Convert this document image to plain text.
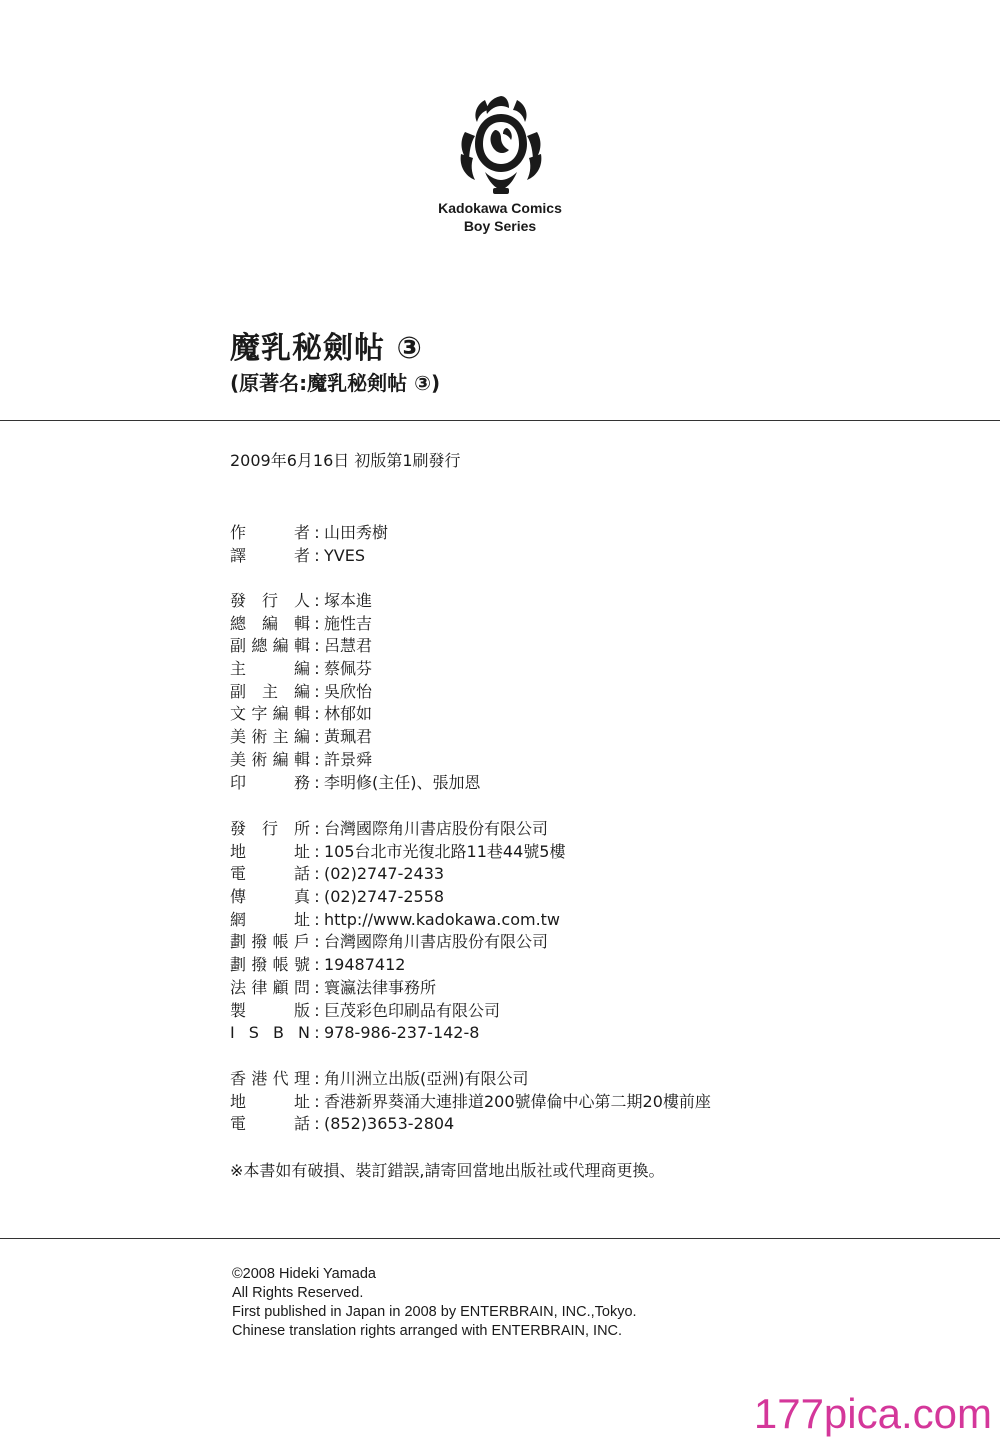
Kadokawa Comics
Boy Series
魔乳秘劍帖 ③
(原著名:魔乳秘剣帖 ③)
2009年6月16日 初版第1刷發行
作	者 : 山田秀樹
譯	者 : YVES
發 行 人 : 塚本進
總 編 輯 : 施性吉
副 總 編 輯 : 呂慧君
主	編 : 蔡佩芬
副 主 編 : 吳欣怡
文 字 編 輯 : 林郁如
美 術 主 編 : 黃珮君
美 術 編 輯 : 許景舜
印	務 : 李明修(主任)、張加恩
發 行 所 : 台灣國際角川書店股份有限公司
地	址 : 105台北市光復北路11巷44號5樓
電	話 : (02)2747-2433
傳	真 : (02)2747-2558
網	址 : http://www.kadokawa.com.tw
劃 撥 帳 戶 : 台灣國際角川書店股份有限公司
劃 撥 帳 號 : 19487412
法 律 顧 問 : 寰瀛法律事務所
製	版 : 巨茂彩色印刷品有限公司
I S B N : 978-986-237-142-8
香 港 代 理 : 角川洲立出版(亞洲)有限公司
地	址 : 香港新界葵涌大連排道200號偉倫中心第二期20樓前座
電	話 : (852)3653-2804
※本書如有破損、裝訂錯誤,請寄回當地出版社或代理商更換。
©2008 Hideki Yamada
All Rights Reserved.
First published in Japan in 2008 by ENTERBRAIN, INC.,Tokyo.
Chinese translation rights arranged with ENTERBRAIN, INC.
177pica.com
